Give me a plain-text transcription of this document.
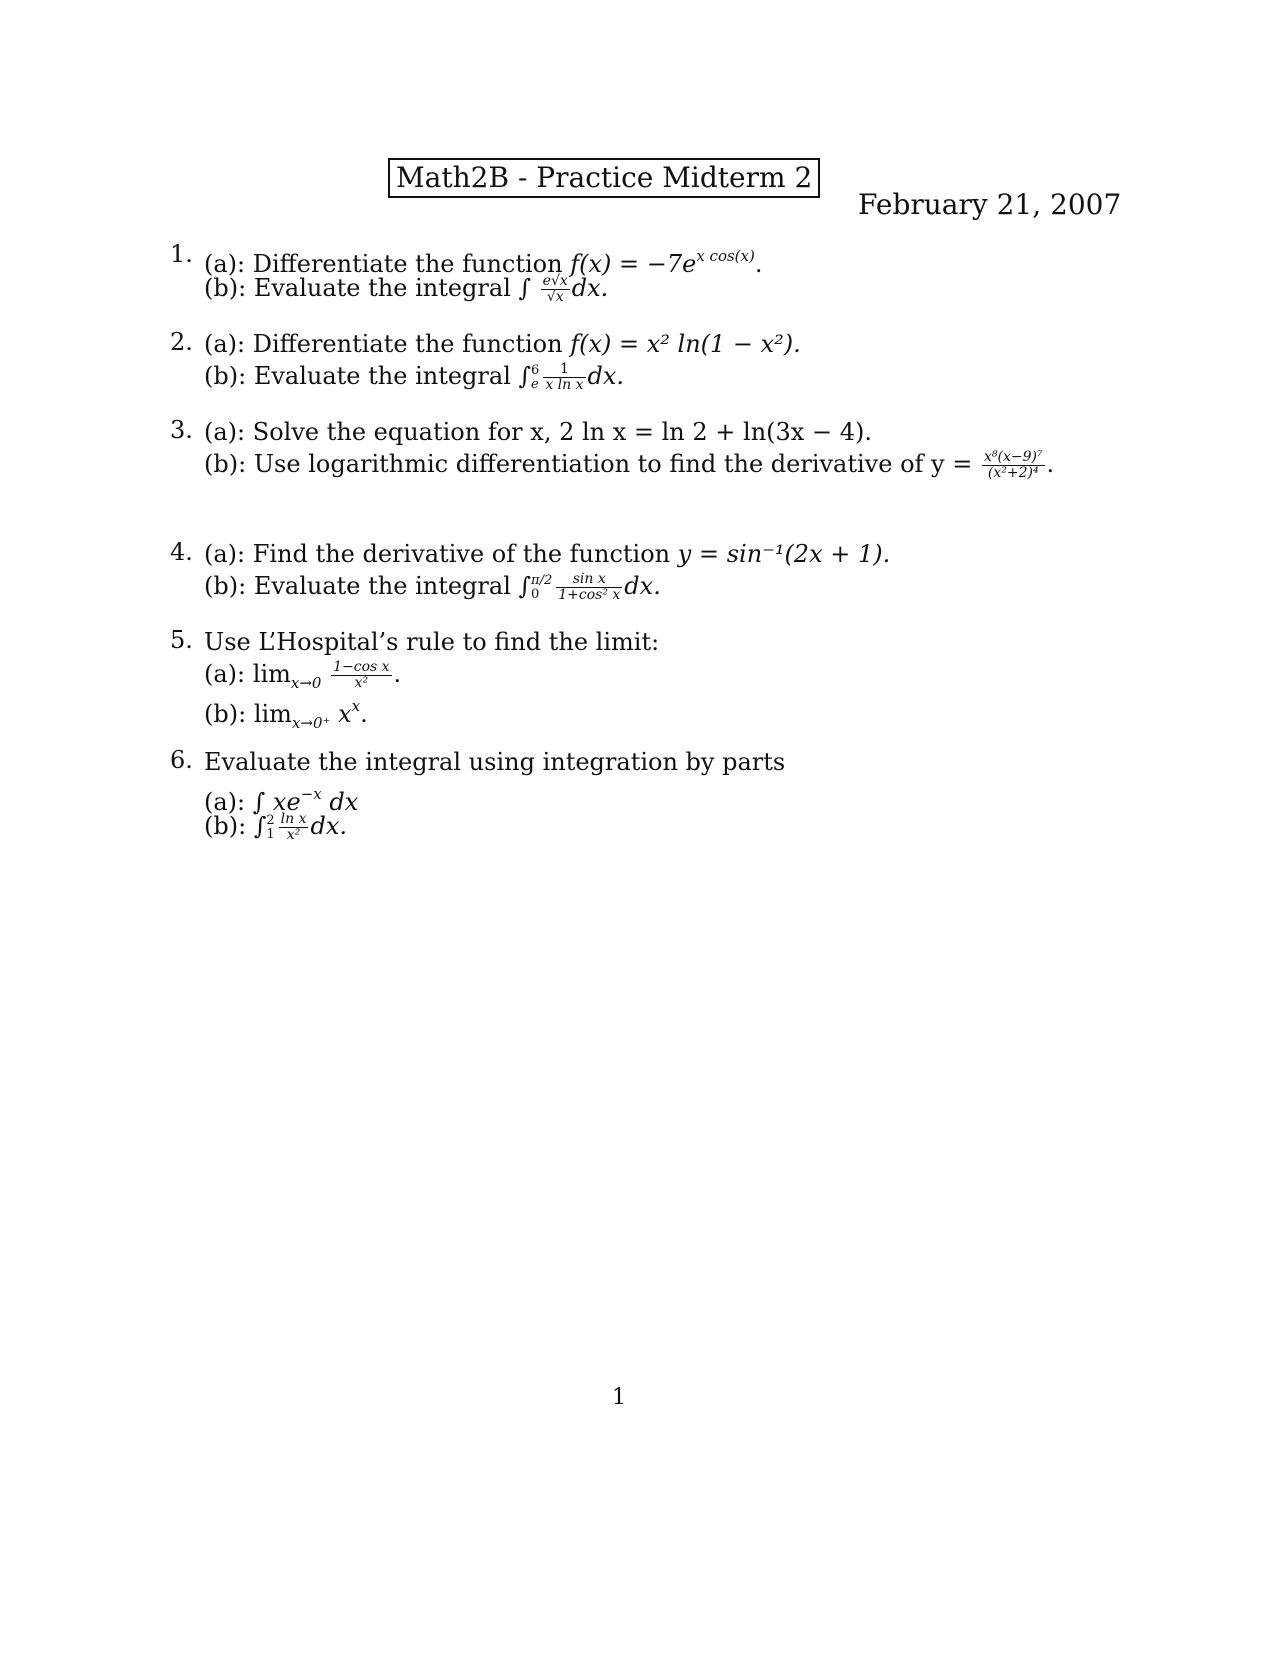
Math2B - Practice Midterm 2
February 21, 2007
1. (a): Differentiate the function $f(x) = -7e^{x cos(x)}$.
(b): Evaluate the integral ∫ $\frac{e√x}{√x}$ dx.
2. (a): Differentiate the function f(x) = x² ln(1 − x²).
(b): Evaluate the integral ∫ 6
e $\frac{1}{\text{x ln x}}$ dx.
3. (a): Solve the equation for x, 2 ln x = ln 2 + ln(3x − 4).
(b): Use logarithmic differentiation to find the derivative of $y = \frac{\text{x⁸(x−9)⁷}}{\text{(x²+2)⁴}}$ .
4. (a): Find the derivative of the function y = sin⁻¹(2x + 1).
(b): Evaluate the integral ∫ π/2
0	$\frac{\text{sin x}}{\text{1+cos² x}}$ dx.
5. Use L’Hospital’s rule to find the limit:
(a): $\lim_{x\to 0} \frac{\text{1−cos x}}{\text{x²}}$ .
(b): $\lim_{x\to 0^+} x^x$.
6. Evaluate the integral using integration by parts
(a): ∫ $xe^{-x}$ dx
(b): ∫ 2
$1 \frac{\text{ln x}}{\text{x²}}$ dx.
1
